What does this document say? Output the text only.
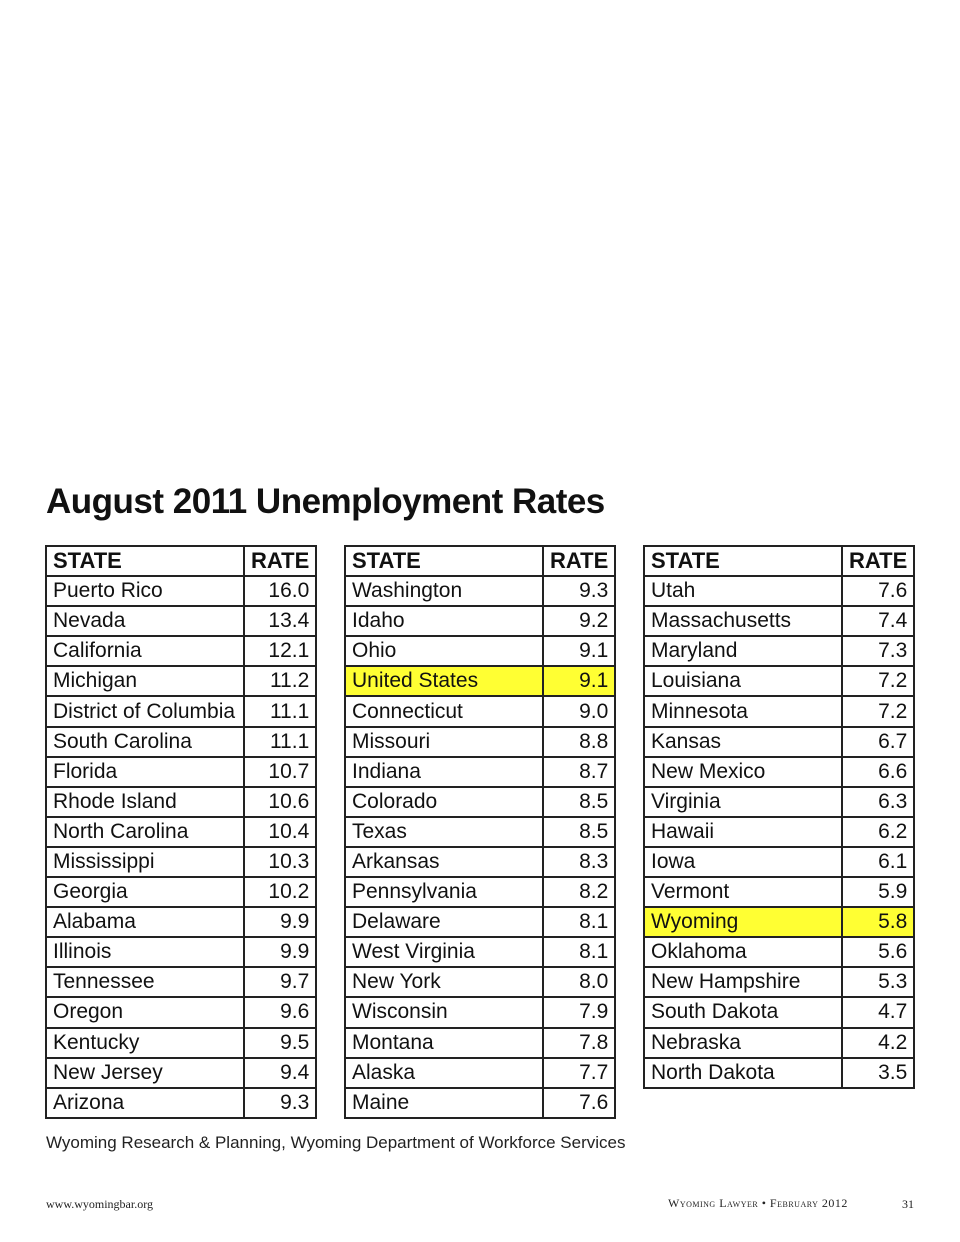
August 2011 Unemployment Rates
STATE	RATE
Puerto Rico	16.0
Nevada	13.4
California	12.1
Michigan	11.2
District of Columbia	11.1
South Carolina	11.1
Florida	10.7
Rhode Island	10.6
North Carolina	10.4
Mississippi	10.3
Georgia	10.2
Alabama	9.9
Illinois	9.9
Tennessee	9.7
Oregon	9.6
Kentucky	9.5
New Jersey	9.4
Arizona	9.3
STATE	RATE
Washington	9.3
Idaho	9.2
Ohio	9.1
United States	9.1
Connecticut	9.0
Missouri	8.8
Indiana	8.7
Colorado	8.5
Texas	8.5
Arkansas	8.3
Pennsylvania	8.2
Delaware	8.1
West Virginia	8.1
New York	8.0
Wisconsin	7.9
Montana	7.8
Alaska	7.7
Maine	7.6
STATE	RATE
Utah	7.6
Massachusetts	7.4
Maryland	7.3
Louisiana	7.2
Minnesota	7.2
Kansas	6.7
New Mexico	6.6
Virginia	6.3
Hawaii	6.2
Iowa	6.1
Vermont	5.9
Wyoming	5.8
Oklahoma	5.6
New Hampshire	5.3
South Dakota	4.7
Nebraska	4.2
North Dakota	3.5

Wyoming Research & Planning, Wyoming Department of Workforce Services

www.wyomingbar.org	Wyoming Lawyer • February 2012	31
